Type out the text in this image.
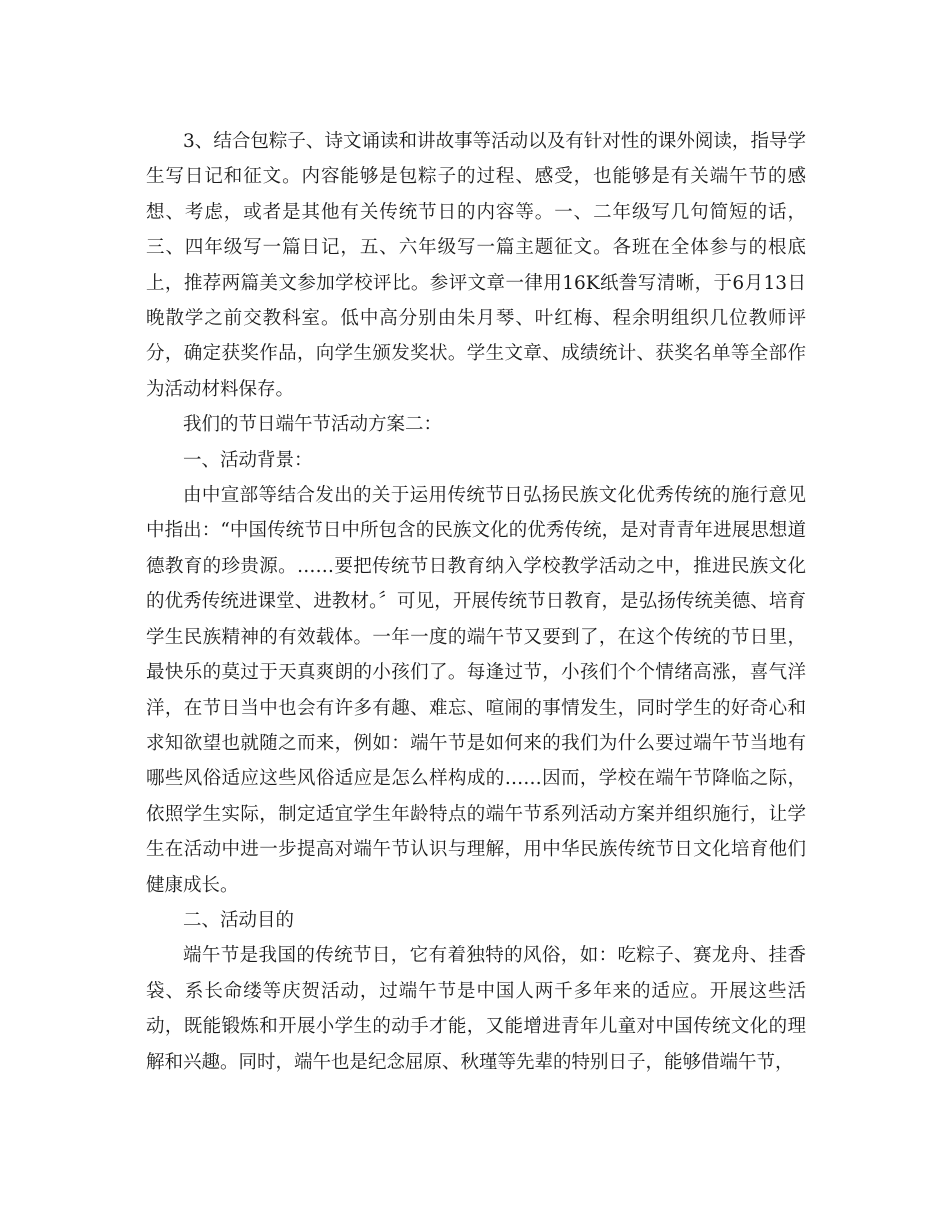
3、结合包粽子、诗文诵读和讲故事等活动以及有针对性的课外阅读，指导学生写日记和征文。内容能够是包粽子的过程、感受，也能够是有关端午节的感想、考虑，或者是其他有关传统节日的内容等。一、二年级写几句简短的话，三、四年级写一篇日记，五、六年级写一篇主题征文。各班在全体参与的根底上，推荐两篇美文参加学校评比。参评文章一律用16K纸誊写清晰，于6月13日晚散学之前交教科室。低中高分别由朱月琴、叶红梅、程余明组织几位教师评分，确定获奖作品，向学生颁发奖状。学生文章、成绩统计、获奖名单等全部作为活动材料保存。

我们的节日端午节活动方案二：

一、活动背景：

由中宣部等结合发出的关于运用传统节日弘扬民族文化优秀传统的施行意见中指出：“中国传统节日中所包含的民族文化的优秀传统，是对青青年进展思想道德教育的珍贵源。……要把传统节日教育纳入学校教学活动之中，推进民族文化的优秀传统进课堂、进教材。〞可见，开展传统节日教育，是弘扬传统美德、培育学生民族精神的有效载体。一年一度的端午节又要到了，在这个传统的节日里，最快乐的莫过于天真爽朗的小孩们了。每逢过节，小孩们个个情绪高涨，喜气洋洋，在节日当中也会有许多有趣、难忘、喧闹的事情发生，同时学生的好奇心和求知欲望也就随之而来，例如：端午节是如何来的我们为什么要过端午节当地有哪些风俗适应这些风俗适应是怎么样构成的……因而，学校在端午节降临之际，依照学生实际，制定适宜学生年龄特点的端午节系列活动方案并组织施行，让学生在活动中进一步提高对端午节认识与理解，用中华民族传统节日文化培育他们健康成长。

二、活动目的

端午节是我国的传统节日，它有着独特的风俗，如：吃粽子、赛龙舟、挂香袋、系长命缕等庆贺活动，过端午节是中国人两千多年来的适应。开展这些活动，既能锻炼和开展小学生的动手才能，又能增进青年儿童对中国传统文化的理解和兴趣。同时，端午也是纪念屈原、秋瑾等先辈的特别日子，能够借端午节，
